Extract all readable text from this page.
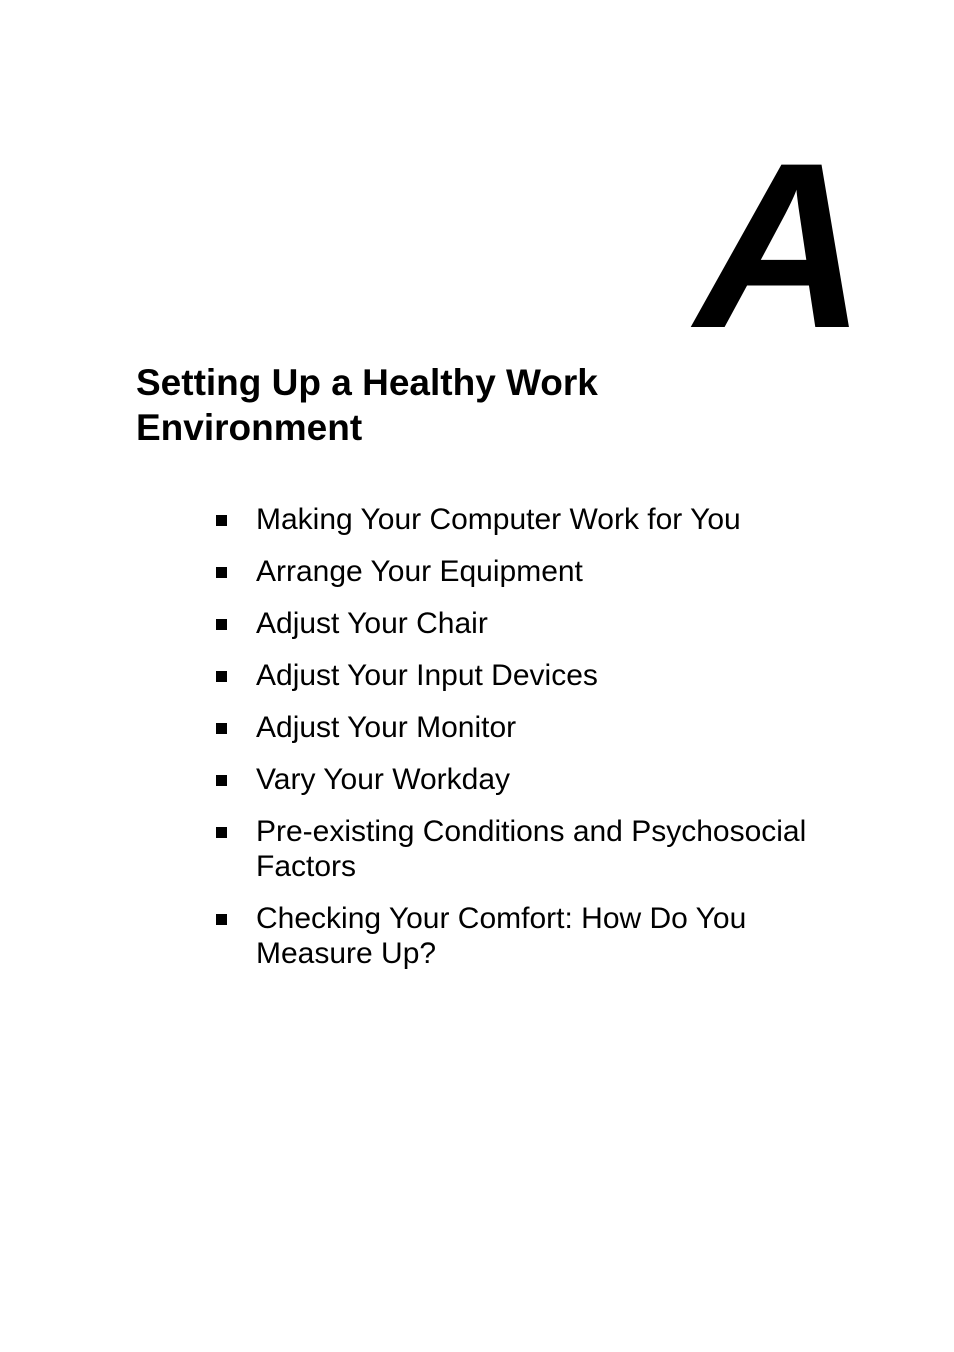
A
Setting Up a Healthy Work
Environment
Making Your Computer Work for You
Arrange Your Equipment
Adjust Your Chair
Adjust Your Input Devices
Adjust Your Monitor
Vary Your Workday
Pre-existing Conditions and Psychosocial Factors
Checking Your Comfort: How Do You Measure Up?
